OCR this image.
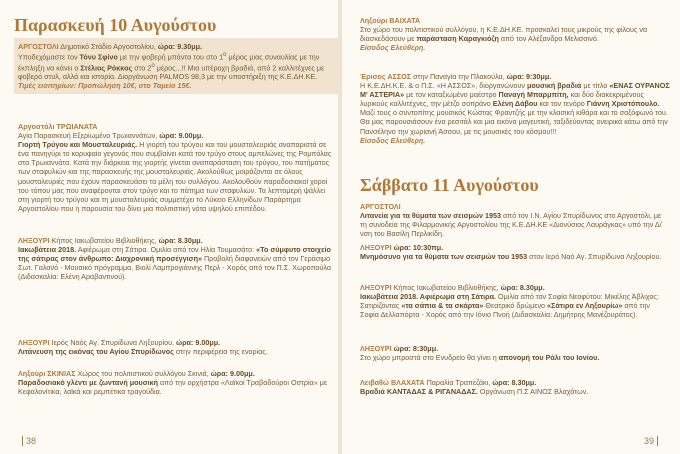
Παρασκευή 10 Αυγούστου

ΑΡΓΟΣΤΟΛΙ Δημοτικό Στάδιο Αργοστολίου, ώρα: 9.30μμ.

Υποδεχόμαστε τον Τόνυ Σφίνο με την φοβερή μπάντα του στο $1^o$ μέρος μιας συναυλίας με την έκπληξη να κάνει ο Στέλιος Ρόκκος στο $2^o$ μέρος...!! Μια υπέροχη βραδιά, από 2 καλλιτέχνες με φοβερό στυλ, αλλά και ιστορία. Διοργάνωση PALMOS 98,3 με την υποστήριξη της Κ.Ε.ΔΗ.ΚΕ.

Τιμές εισιτηρίων: Προπώληση 10€, στο Ταμείο 15€.

Αργοστόλι ΤΡΩΙΑΝΑΤΑ

Αγία Παρασκευή Εξερίωμένο Τρωιαννάτων, ώρα: 9.00μμ.

Γιορτή Τρύγου και Μουσταλευριάς. Η γιορτή του τρύγου και του μουσταλευριάς αναπαριστά σε ένα πανηγύρι το κορυφαίο γεγονός που συμβαίνει κατά τον τρύγο στους αμπελώνες της Ρομπόλας στα Τρωιαννάτα. Κατά την διάρκεια της γιορτής γίνεται αναπαράσταση του τρύγου, του πατήματος των σταφυλιών και της παρασκευής της μουσταλευριάς. Ακολούθως μοιράζονται σε όλους μουσταλευριές που έχουν παρασκευάσει τα μέλη του συλλόγου. Ακολουθούν παραδοσιακοί χοροί του τόπου μας που αναφέρονται στον τρύγο και το πάτημα των σταφυλιών. Τα λεπτομερή ψάλλει στη γιορτή του τρύγου και τη μουσταλευριάς συμμετέχει το Λύκειο Ελληνίδων Παράρτημα Αργοστολίου που η παρουσία του δίνει μια πολιτιστική νότα υψηλού επιπέδου.

ΛΗΞΟΥΡΙ Κήπος Ιακωβατείου Βιβλιοθήκης, ώρα: 8.30μμ.

Ιακωβάτεια 2018. Αφιέρωμα στη Σάτιρα. Ομιλία από τον Ηλία Τουμασάτο: «Το σύμφυτο στοιχείο της σάτιρας στον άνθρωπο: Διαχρονική προσέγγιση» Προβολή διαφανειών από τον Γεράσιμο Σωτ. Γαλανό - Μουσικό πρόγραμμα, Βιολί Λαμπρογιάννης Περλ - Χορός από τον Π.Σ. Χωροπούλα (Διδασκαλία: Ελένη Αραβαντινού).

ΛΗΞΟΥΡΙ Ιερός Ναός Αγ. Σπυρίδωνα Ληξουρίου, ώρα: 9.00μμ.

Λιτάνευση της εικόνας του Αγίου Σπυρίδωνος στην περιφέρεια της ενορίας.

Ληξούρι ΣΚΙΝΙΑΣ Χώρος του πολιτιστικού συλλόγου Σκινιά, ώρα: 9.00μμ.

Παραδοσιακό γλέντι με ζωντανή μουσική από την ορχήστρα «Λαϊκοί Τραβαδούροι Οστρία» με Κεφαλονίτικα, λαϊκά και ρεμπέτικα τραγούδια.

38

Ληξούρι ΒΑΙΧΑΤΑ

Στο χώρο του πολιτιστικού συλλόγου, η Κ.Ε.ΔΗ.ΚΕ. προσκαλεί τους μικρούς της φίλους να διασκεδάσουν με παράσταση Καραγκιόζη από τον Αλέξανδρο Μελισσινό.

Είσοδος Ελεύθερη.

Έρισος ΑΣΣΟΣ στην Παναγία την Πλακούλα, ώρα: 9:30μμ.

Η Κ.Ε.ΔΗ.Κ.Ε. & ο Π.Σ. «Η ΑΣΣΟΣ», διοργανώνουν μουσική βραδιά με τίτλο «ΕΝΑΣ ΟΥΡΑΝΟΣ Μ' ΑΣΤΕΡΙΑ» με τον καταξιωμένο μαέστρο Παναγή Μπαρμπίτη, και δύο διακεκριμένους λυρικούς καλλιτέχνες, την μέτζο σοπράνο Ελένη Δάβου και τον τενόρο Γιάννη Χριστόπουλο. Μαζί τους ο συντοπίτης μουσικός Κώστας Φραντζής με την κλασική κιθάρα και το σαξόφωνό του. Θα μας παρουσιάσουν ένα ρεσιτάλ και μια εικόνα μαγευτική, ταξιδεύοντας ονειρικά κάτω από την Πανσέληνο την χωριανή Άσσου, με τις μουσικές του κόσμου!!!

Είσοδος Ελεύθερη.

Σάββατο 11 Αυγούστου

ΑΡΓΟΣΤΟΛΙ

Λιτανεία για τα θύματα των σεισμών 1953 από τον Ι.Ν. Αγίου Σπυρίδωνος στο Αργοστόλι, με τη συνοδεία της Φιλαρμονικής Αργοστολίου της Κ.Ε.ΔΗ.ΚΕ «Διονύσιος Λαυράγκας» υπό την Δ/νση του Βασίλη Περλικίδη.

ΛΗΞΟΥΡΙ ώρα: 10:30πμ.

Μνημόσυνο για τα θύματα των σεισμών του 1953 στον Ιερό Ναό Αγ. Σπυρίδωνα Ληξουρίου.

ΛΗΞΟΥΡΙ Κήπος Ιακωβατείου Βιβλιοθήκης, ώρα: 8.30μμ.

Ιακωβάτεια 2018. Αφιέρωμα στη Σάτιρα. Ομιλία από τον Σοφία Νεοφύτου: Μικέλης Άβλιχος: Σατιρίζοντας «τα σάπια & τα σκάρτα» Θεατρικό δρώμενο «Σάτιρα εν Ληξουρίω» από την Σοφία Δελλαπόρτα - Χορός από την Ιόνιο Πνοή (Διδασκαλία: Δημήτρης Μανέζουράτος).

ΛΗΞΟΥΡΙ ώρα: 8:30μμ.

Στο χώρο μπροστά στο Ενυδρείο θα γίνει η απονομή του Ράλι του Ιονίου.

Λειβαθώ ΒΛΑΧΑΤΑ Παραλία Τραπεζάκι, ώρα: 8.30μμ.

Βραδιά ΚΑΝΤΑΔΑΣ & ΡΙΓΑΝΑΔΑΣ. Οργάνωση Π.Σ ΑΙΝΟΣ Βλαχάτων.

39
